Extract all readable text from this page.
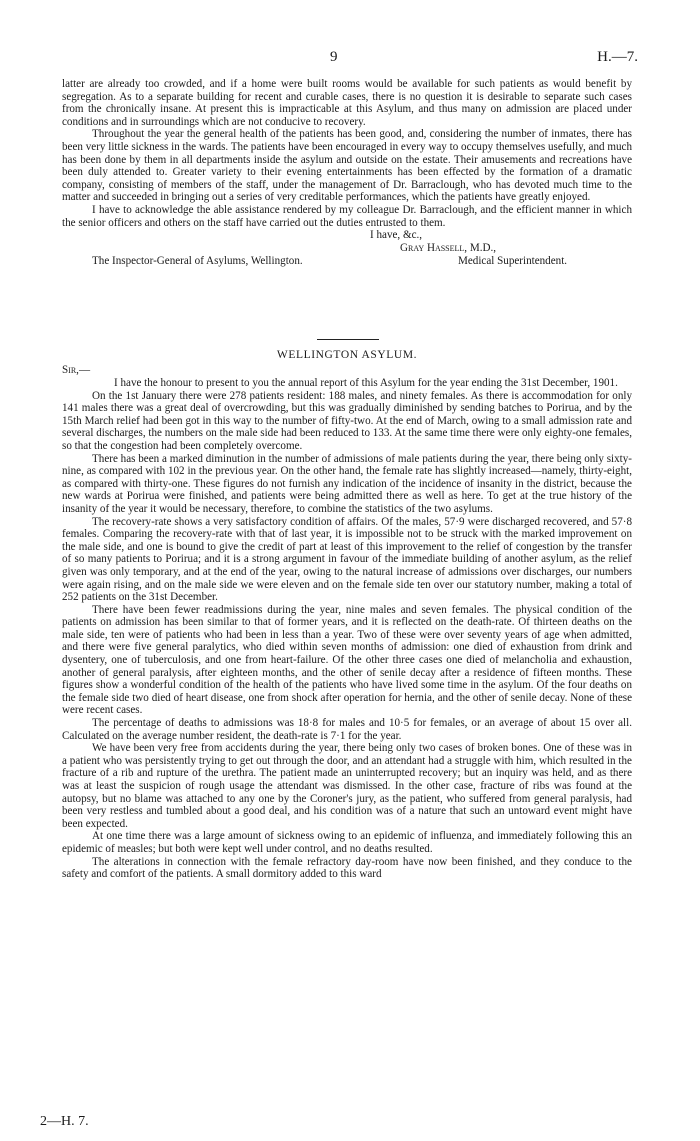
9	H.—7.

latter are already too crowded, and if a home were built rooms would be available for such patients as would benefit by segregation. As to a separate building for recent and curable cases, there is no question it is desirable to separate such cases from the chronically insane. At present this is impracticable at this Asylum, and thus many on admission are placed under conditions and in surroundings which are not conducive to recovery.

Throughout the year the general health of the patients has been good, and, considering the number of inmates, there has been very little sickness in the wards. The patients have been encouraged in every way to occupy themselves usefully, and much has been done by them in all departments inside the asylum and outside on the estate. Their amusements and recreations have been duly attended to. Greater variety to their evening entertainments has been effected by the formation of a dramatic company, consisting of members of the staff, under the management of Dr. Barraclough, who has devoted much time to the matter and succeeded in bringing out a series of very creditable performances, which the patients have greatly enjoyed.

I have to acknowledge the able assistance rendered by my colleague Dr. Barraclough, and the efficient manner in which the senior officers and others on the staff have carried out the duties entrusted to them.

I have, &c.,
Gray Hassell, M.D.,
The Inspector-General of Asylums, Wellington.	Medical Superintendent.
WELLINGTON ASYLUM.
Sir,—

I have the honour to present to you the annual report of this Asylum for the year ending the 31st December, 1901.

On the 1st January there were 278 patients resident: 188 males, and ninety females. As there is accommodation for only 141 males there was a great deal of overcrowding, but this was gradually diminished by sending batches to Porirua, and by the 15th March relief had been got in this way to the number of fifty-two. At the end of March, owing to a small admission rate and several discharges, the numbers on the male side had been reduced to 133. At the same time there were only eighty-one females, so that the congestion had been completely overcome.

There has been a marked diminution in the number of admissions of male patients during the year, there being only sixty-nine, as compared with 102 in the previous year. On the other hand, the female rate has slightly increased—namely, thirty-eight, as compared with thirty-one. These figures do not furnish any indication of the incidence of insanity in the district, because the new wards at Porirua were finished, and patients were being admitted there as well as here. To get at the true history of the insanity of the year it would be necessary, therefore, to combine the statistics of the two asylums.

The recovery-rate shows a very satisfactory condition of affairs. Of the males, 57·9 were discharged recovered, and 57·8 females. Comparing the recovery-rate with that of last year, it is impossible not to be struck with the marked improvement on the male side, and one is bound to give the credit of part at least of this improvement to the relief of congestion by the transfer of so many patients to Porirua; and it is a strong argument in favour of the immediate building of another asylum, as the relief given was only temporary, and at the end of the year, owing to the natural increase of admissions over discharges, our numbers were again rising, and on the male side we were eleven and on the female side ten over our statutory number, making a total of 252 patients on the 31st December.

There have been fewer readmissions during the year, nine males and seven females. The physical condition of the patients on admission has been similar to that of former years, and it is reflected on the death-rate. Of thirteen deaths on the male side, ten were of patients who had been in less than a year. Two of these were over seventy years of age when admitted, and there were five general paralytics, who died within seven months of admission: one died of exhaustion from drink and dysentery, one of tuberculosis, and one from heart-failure. Of the other three cases one died of melancholia and exhaustion, another of general paralysis, after eighteen months, and the other of senile decay after a residence of fifteen months. These figures show a wonderful condition of the health of the patients who have lived some time in the asylum. Of the four deaths on the female side two died of heart disease, one from shock after operation for hernia, and the other of senile decay. None of these were recent cases.

The percentage of deaths to admissions was 18·8 for males and 10·5 for females, or an average of about 15 over all. Calculated on the average number resident, the death-rate is 7·1 for the year.

We have been very free from accidents during the year, there being only two cases of broken bones. One of these was in a patient who was persistently trying to get out through the door, and an attendant had a struggle with him, which resulted in the fracture of a rib and rupture of the urethra. The patient made an uninterrupted recovery; but an inquiry was held, and as there was at least the suspicion of rough usage the attendant was dismissed. In the other case, fracture of ribs was found at the autopsy, but no blame was attached to any one by the Coroner's jury, as the patient, who suffered from general paralysis, had been very restless and tumbled about a good deal, and his condition was of a nature that such an untoward event might have been expected.

At one time there was a large amount of sickness owing to an epidemic of influenza, and immediately following this an epidemic of measles; but both were kept well under control, and no deaths resulted.

The alterations in connection with the female refractory day-room have now been finished, and they conduce to the safety and comfort of the patients. A small dormitory added to this ward

2—H. 7.
